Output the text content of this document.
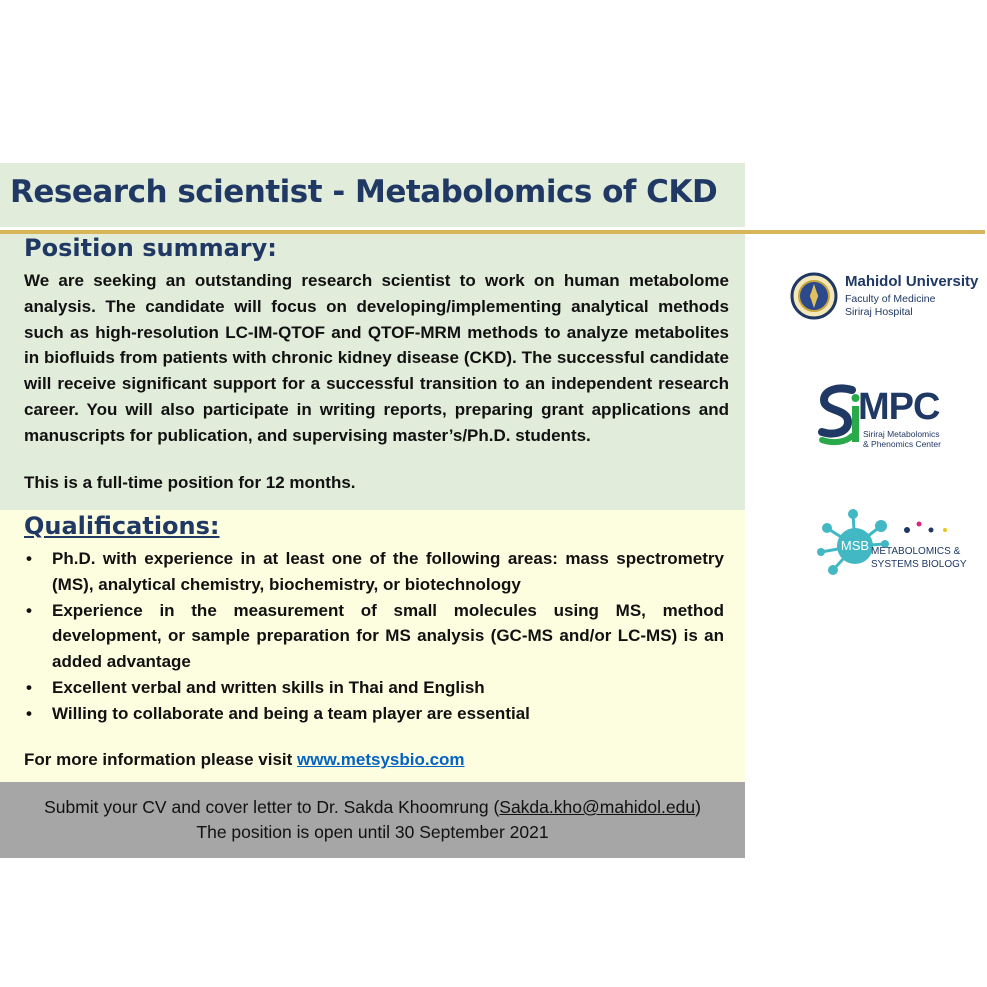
Research scientist - Metabolomics of CKD
Position summary:

We are seeking an outstanding research scientist to work on human metabolome analysis. The candidate will focus on developing/implementing analytical methods such as high-resolution LC-IM-QTOF and QTOF-MRM methods to analyze metabolites in biofluids from patients with chronic kidney disease (CKD). The successful candidate will receive significant support for a successful transition to an independent research career. You will also participate in writing reports, preparing grant applications and manuscripts for publication, and supervising master’s/Ph.D. students.

This is a full-time position for 12 months.
Qualifications:
• Ph.D. with experience in at least one of the following areas: mass spectrometry (MS), analytical chemistry, biochemistry, or biotechnology
• Experience in the measurement of small molecules using MS, method development, or sample preparation for MS analysis (GC-MS and/or LC-MS) is an added advantage
• Excellent verbal and written skills in Thai and English
• Willing to collaborate and being a team player are essential
For more information please visit www.metsysbio.com
Submit your CV and cover letter to Dr. Sakda Khoomrung (Sakda.kho@mahidol.edu)
The position is open until 30 September 2021
Mahidol University
Faculty of Medicine
Siriraj Hospital
MPC
Siriraj Metabolomics
& Phenomics Center
MSB METABOLOMICS &
SYSTEMS BIOLOGY
